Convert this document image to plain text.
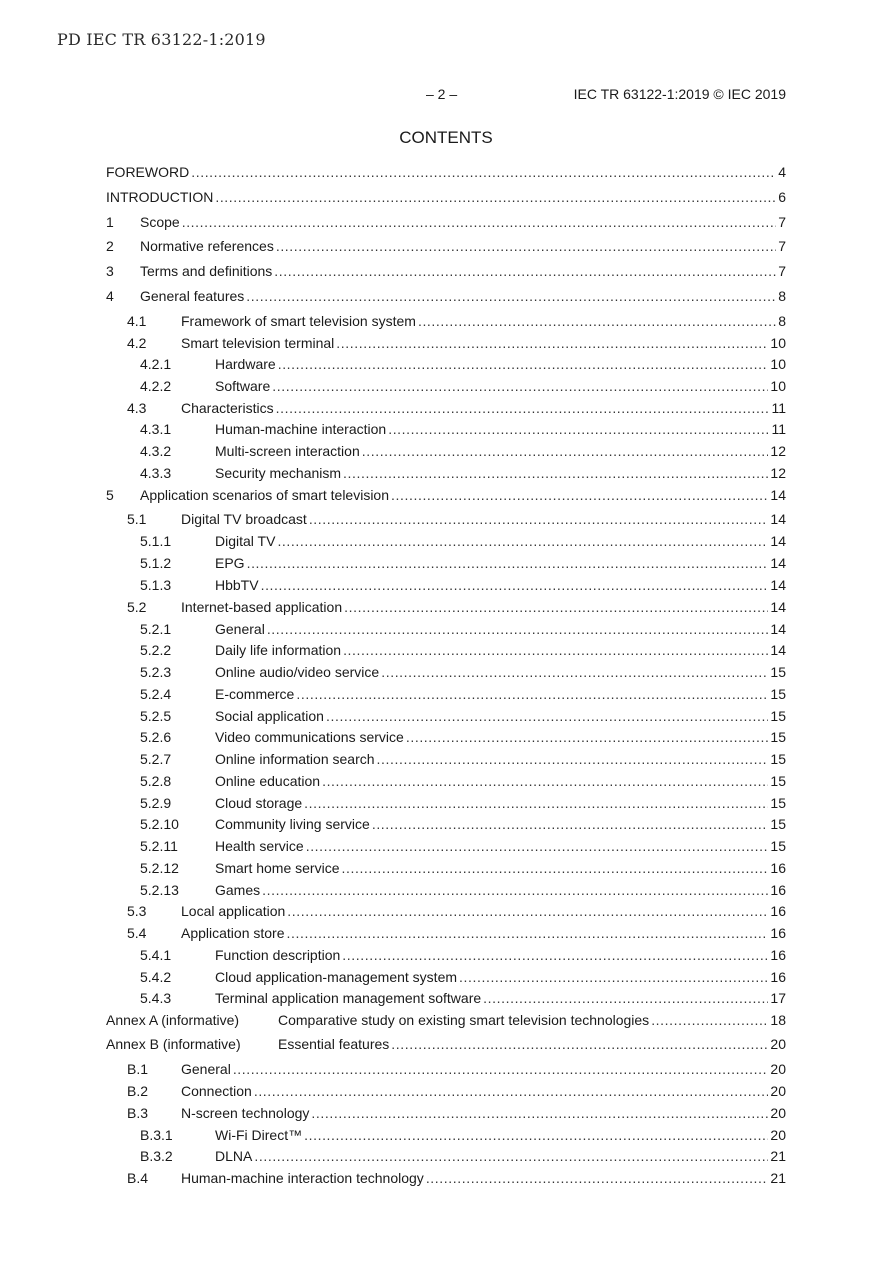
PD IEC TR 63122-1:2019
– 2 –	IEC TR 63122-1:2019 © IEC 2019
CONTENTS
FOREWORD .....	4
INTRODUCTION .....	6
1	Scope .....	7
2	Normative references .....	7
3	Terms and definitions .....	7
4	General features .....	8
4.1	Framework of smart television system .....	8
4.2	Smart television terminal .....	10
4.2.1	Hardware .....	10
4.2.2	Software .....	10
4.3	Characteristics .....	11
4.3.1	Human-machine interaction .....	11
4.3.2	Multi-screen interaction .....	12
4.3.3	Security mechanism .....	12
5	Application scenarios of smart television .....	14
5.1	Digital TV broadcast .....	14
5.1.1	Digital TV .....	14
5.1.2	EPG .....	14
5.1.3	HbbTV .....	14
5.2	Internet-based application .....	14
5.2.1	General .....	14
5.2.2	Daily life information .....	14
5.2.3	Online audio/video service .....	15
5.2.4	E-commerce .....	15
5.2.5	Social application .....	15
5.2.6	Video communications service .....	15
5.2.7	Online information search .....	15
5.2.8	Online education .....	15
5.2.9	Cloud storage .....	15
5.2.10	Community living service .....	15
5.2.11	Health service .....	15
5.2.12	Smart home service .....	16
5.2.13	Games .....	16
5.3	Local application .....	16
5.4	Application store .....	16
5.4.1	Function description .....	16
5.4.2	Cloud application-management system .....	16
5.4.3	Terminal application management software .....	17
Annex A (informative)	Comparative study on existing smart television technologies .....	18
Annex B (informative)	Essential features .....	20
B.1	General .....	20
B.2	Connection .....	20
B.3	N-screen technology .....	20
B.3.1	Wi-Fi Direct™ .....	20
B.3.2	DLNA .....	21
B.4	Human-machine interaction technology .....	21
